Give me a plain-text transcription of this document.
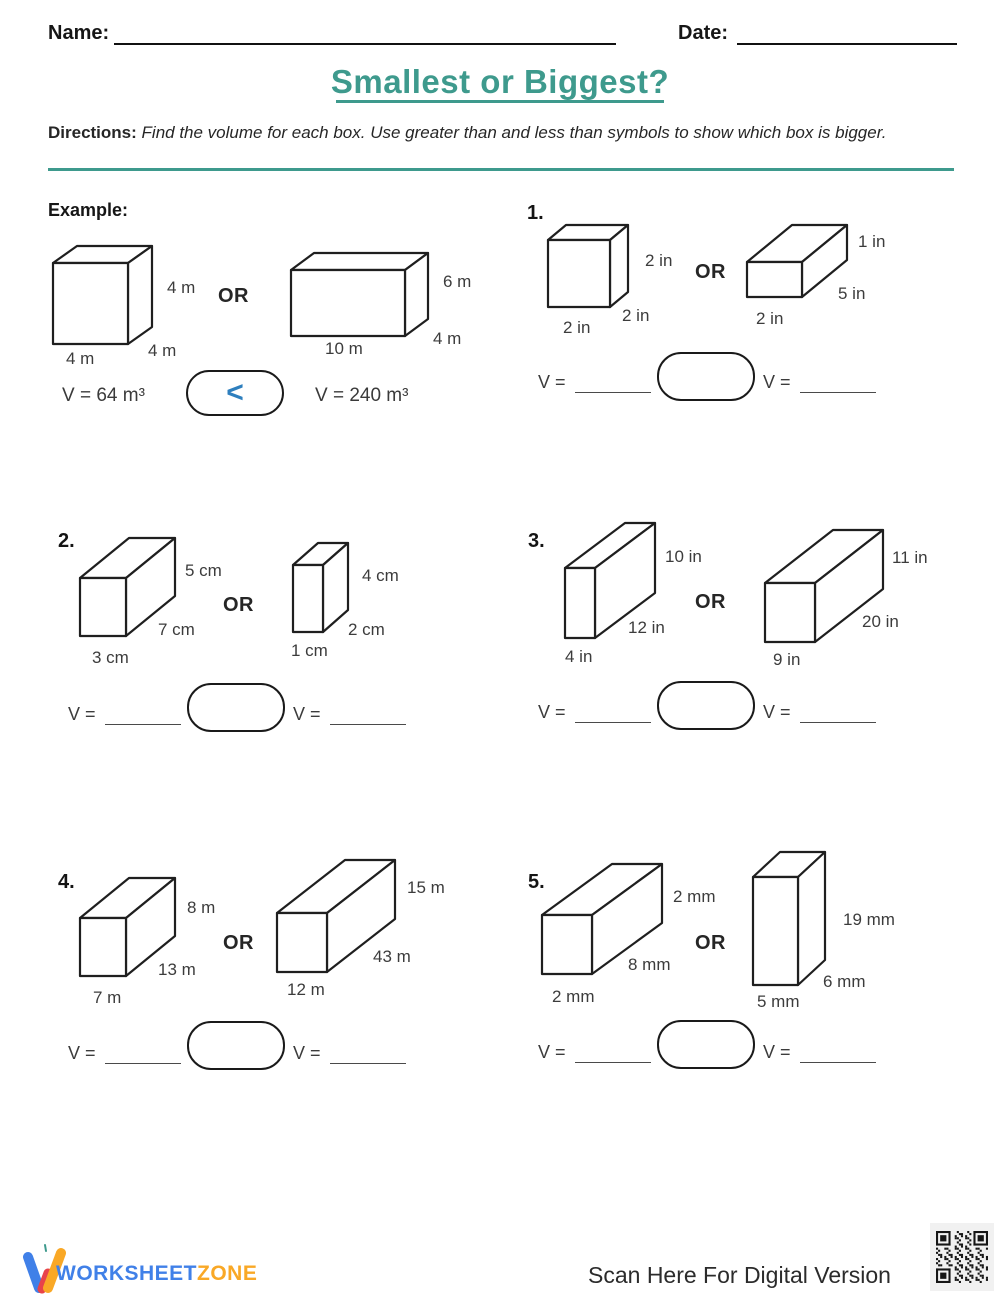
Name:	Date:
Smallest or Biggest?
Directions: Find the volume for each box. Use greater than and less than symbols to show which box is bigger.
Example:
4 m
4 m
4 m
OR
6 m
4 m
10 m
V = 64 m³	<	V = 240 m³
1.
2 in
2 in
2 in
OR
1 in
5 in
2 in
V =	V =
2.
5 cm
7 cm
3 cm
OR
4 cm
2 cm
1 cm
V =	V =
3.
10 in
12 in
4 in
OR
11 in
20 in
9 in
V =	V =
4.
8 m
13 m
7 m
OR
15 m
43 m
12 m
V =	V =
5.
2 mm
8 mm
2 mm
OR
19 mm
6 mm
5 mm
V =	V =
WORKSHEETZONE	Scan Here For Digital Version
